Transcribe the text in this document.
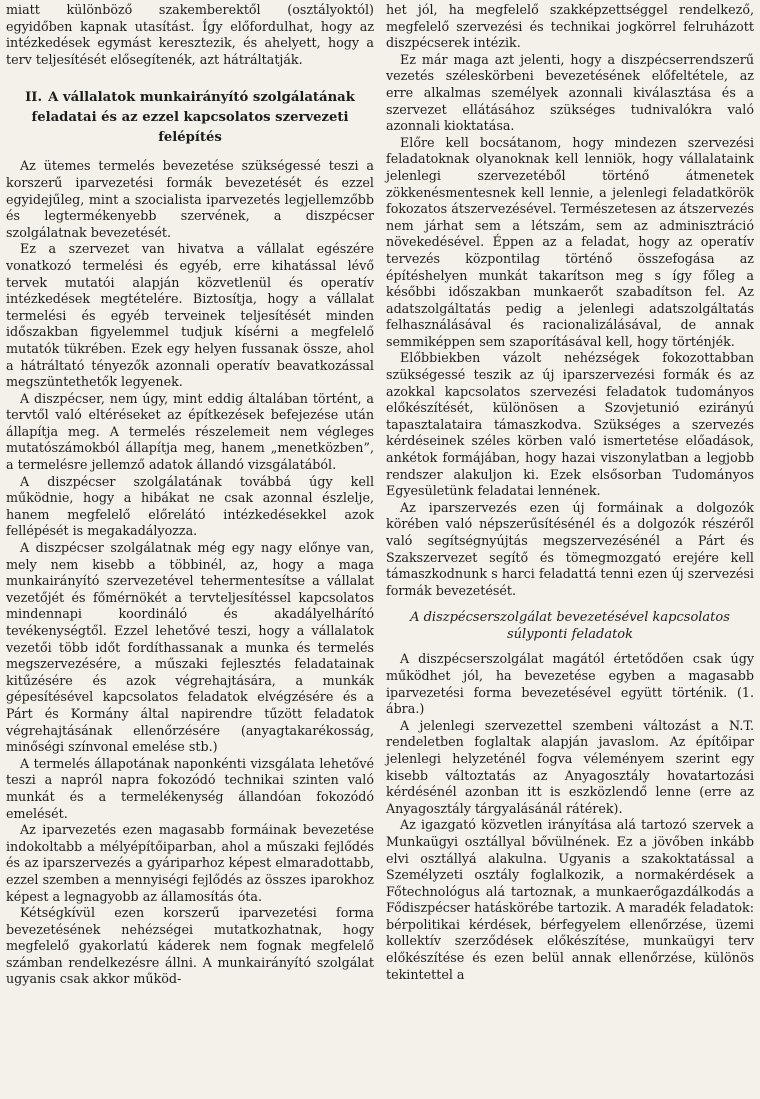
miatt különböző szakemberektől (osztályoktól) egyidőben kapnak utasítást. Így előfordulhat, hogy az intézkedések egymást keresztezik, és ahelyett, hogy a terv teljesítését elősegítenék, azt hátráltatják.

II. A vállalatok munkairányító szolgálatának feladatai és az ezzel kapcsolatos szervezeti felépítés

Az ütemes termelés bevezetése szükségessé teszi a korszerű iparvezetési formák bevezetését és ezzel egyidejűleg, mint a szocialista iparvezetés legjellemzőbb és legtermékenyebb szervének, a diszpécser szolgálatnak bevezetését.

Ez a szervezet van hivatva a vállalat egészére vonatkozó termelési és egyéb, erre kihatással lévő tervek mutatói alapján közvetlenül és operatív intézkedések megtételére. Biztosítja, hogy a vállalat termelési és egyéb terveinek teljesítését minden időszakban figyelemmel tudjuk kísérni a megfelelő mutatók tükrében. Ezek egy helyen fussanak össze, ahol a hátráltató tényezők azonnali operatív beavatkozással megszüntethetők legyenek.

A diszpécser, nem úgy, mint eddig általában történt, a tervtől való eltéréseket az építkezések befejezése után állapítja meg. A termelés részelemeit nem végleges mutatószámokból állapítja meg, hanem „menetközben”, a termelésre jellemző adatok állandó vizsgálatából.

A diszpécser szolgálatának továbbá úgy kell működnie, hogy a hibákat ne csak azonnal észlelje, hanem megfelelő előrelátó intézkedésekkel azok fellépését is megakadályozza.

A diszpécser szolgálatnak még egy nagy előnye van, mely nem kisebb a többinél, az, hogy a maga munkairányító szervezetével tehermentesítse a vállalat vezetőjét és főmérnökét a tervteljesítéssel kapcsolatos mindennapi koordináló és akadályelhárító tevékenységtől. Ezzel lehetővé teszi, hogy a vállalatok vezetői több időt fordíthassanak a munka és termelés megszervezésére, a műszaki fejlesztés feladatainak kitűzésére és azok végrehajtására, a munkák gépesítésével kapcsolatos feladatok elvégzésére és a Párt és Kormány által napirendre tűzött feladatok végrehajtásának ellenőrzésére (anyagtakarékosság, minőségi színvonal emelése stb.)

A termelés állapotának naponkénti vizsgálata lehetővé teszi a napról napra fokozódó technikai szinten való munkát és a termelékenység állandóan fokozódó emelését.

Az iparvezetés ezen magasabb formáinak bevezetése indokoltabb a mélyépítőiparban, ahol a műszaki fejlődés és az iparszervezés a gyáriparhoz képest elmaradottabb, ezzel szemben a mennyiségi fejlődés az összes iparokhoz képest a legnagyobb az államosítás óta.

Kétségkívül ezen korszerű iparvezetési forma bevezetésének nehézségei mutatkozhatnak, hogy megfelelő gyakorlatú káderek nem fognak megfelelő számban rendelkezésre állni. A munkairányító szolgálat ugyanis csak akkor működ-

het jól, ha megfelelő szakképzettséggel rendelkező, megfelelő szervezési és technikai jogkörrel felruházott diszpécserek intézik.

Ez már maga azt jelenti, hogy a diszpécserrendszerű vezetés széleskörbeni bevezetésének előfeltétele, az erre alkalmas személyek azonnali kiválasztása és a szervezet ellátásához szükséges tudnivalókra való azonnali kioktatása.

Előre kell bocsátanom, hogy mindezen szervezési feladatoknak olyanoknak kell lenniök, hogy vállalataink jelenlegi szervezetéből történő átmenetek zökkenésmentesnek kell lennie, a jelenlegi feladatkörök fokozatos átszervezésével. Természetesen az átszervezés nem járhat sem a létszám, sem az adminisztráció növekedésével. Éppen az a feladat, hogy az operatív tervezés központilag történő összefogása az építéshelyen munkát takarítson meg s így főleg a későbbi időszakban munkaerőt szabadítson fel. Az adatszolgáltatás pedig a jelenlegi adatszolgáltatás felhasználásával és racionalizálásával, de annak semmiképpen sem szaporításával kell, hogy történjék.

Előbbiekben vázolt nehézségek fokozottabban szükségessé teszik az új iparszervezési formák és az azokkal kapcsolatos szervezési feladatok tudományos előkészítését, különösen a Szovjetunió ezirányú tapasztalataira támaszkodva. Szükséges a szervezés kérdéseinek széles körben való ismertetése előadások, ankétok formájában, hogy hazai viszonylatban a legjobb rendszer alakuljon ki. Ezek elsősorban Tudományos Egyesületünk feladatai lennének.

Az iparszervezés ezen új formáinak a dolgozók körében való népszerűsítésénél és a dolgozók részéről való segítségnyújtás megszervezésénél a Párt és Szakszervezet segítő és tömegmozgató erejére kell támaszkodnunk s harci feladattá tenni ezen új szervezési formák bevezetését.

A diszpécserszolgálat bevezetésével kapcsolatos súlyponti feladatok

A diszpécserszolgálat magától értetődően csak úgy működhet jól, ha bevezetése egyben a magasabb iparvezetési forma bevezetésével együtt történik. (1. ábra.)

A jelenlegi szervezettel szembeni változást a N.T. rendeletben foglaltak alapján javaslom. Az építőipar jelenlegi helyzeténél fogva véleményem szerint egy kisebb változtatás az Anyagosztály hovatartozási kérdésénél azonban itt is eszközlendő lenne (erre az Anyagosztály tárgyalásánál rátérek).

Az igazgató közvetlen irányítása alá tartozó szervek a Munkaügyi osztállyal bővülnének. Ez a jövőben inkább elvi osztállyá alakulna. Ugyanis a szakoktatással a Személyzeti osztály foglalkozik, a normakérdések a Főtechnológus alá tartoznak, a munkaerőgazdálkodás a Fődiszpécser hatáskörébe tartozik. A maradék feladatok: bérpolitikai kérdések, bérfegyelem ellenőrzése, üzemi kollektív szerződések előkészítése, munkaügyi terv előkészítése és ezen belül annak ellenőrzése, különös tekintettel a
